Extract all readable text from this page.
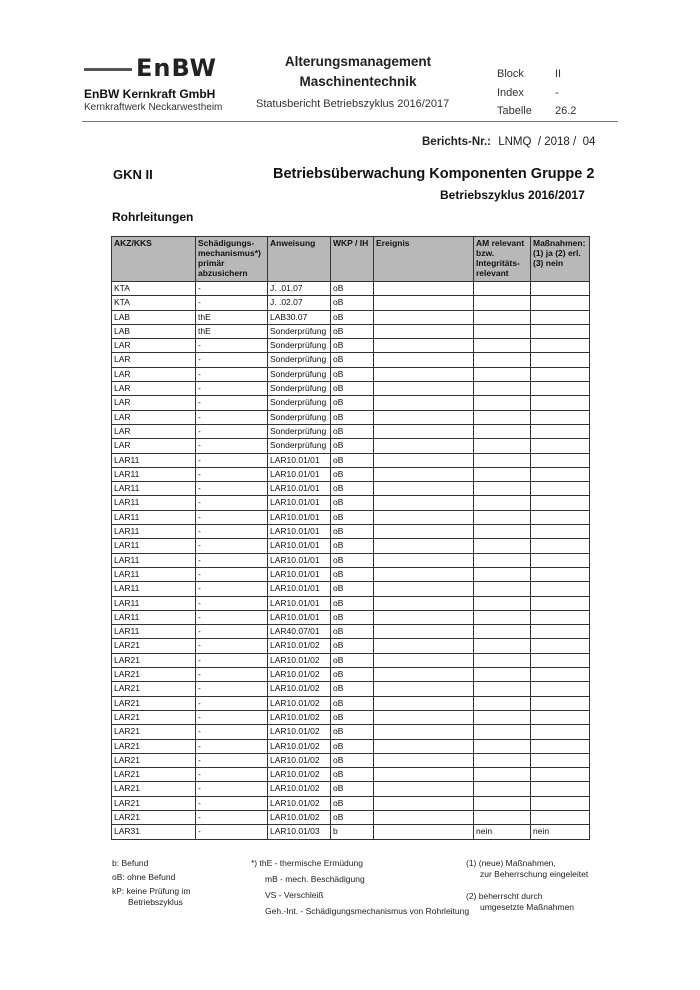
EnBW
EnBW Kernkraft GmbH
Kernkraftwerk Neckarwestheim
Alterungsmanagement
Maschinentechnik
Statusbericht Betriebszyklus 2016/2017
Block	II
Index	-
Tabelle 26.2
Berichts-Nr.: LNMQ  / 2018 /  04
GKN II	Betriebsüberwachung Komponenten Gruppe 2
Betriebszyklus 2016/2017
Rohrleitungen
AKZ/KKS	Schädigungs-mechanismus*) primär abzusichern	Anweisung	WKP / IH	Ereignis	AM relevant bzw. Integritäts-relevant	Maßnahmen: (1) ja (2) erl. (3) nein
KTA	-	J. .01.07	oB			
KTA	-	J. .02.07	oB			
LAB	thE	LAB30.07	oB			
LAB	thE	Sonderprüfung	oB			
LAR	-	Sonderprüfung	oB			
LAR	-	Sonderprüfung	oB			
LAR	-	Sonderprüfung	oB			
LAR	-	Sonderprüfung	oB			
LAR	-	Sonderprüfung	oB			
LAR	-	Sonderprüfung	oB			
LAR	-	Sonderprüfung	oB			
LAR	-	Sonderprüfung	oB			
LAR11	-	LAR10.01/01	oB			
LAR11	-	LAR10.01/01	oB			
LAR11	-	LAR10.01/01	oB			
LAR11	-	LAR10.01/01	oB			
LAR11	-	LAR10.01/01	oB			
LAR11	-	LAR10.01/01	oB			
LAR11	-	LAR10.01/01	oB			
LAR11	-	LAR10.01/01	oB			
LAR11	-	LAR10.01/01	oB			
LAR11	-	LAR10.01/01	oB			
LAR11	-	LAR10.01/01	oB			
LAR11	-	LAR10.01/01	oB			
LAR11	-	LAR40.07/01	oB			
LAR21	-	LAR10.01/02	oB			
LAR21	-	LAR10.01/02	oB			
LAR21	-	LAR10.01/02	oB			
LAR21	-	LAR10.01/02	oB			
LAR21	-	LAR10.01/02	oB			
LAR21	-	LAR10.01/02	oB			
LAR21	-	LAR10.01/02	oB			
LAR21	-	LAR10.01/02	oB			
LAR21	-	LAR10.01/02	oB			
LAR21	-	LAR10.01/02	oB			
LAR21	-	LAR10.01/02	oB			
LAR21	-	LAR10.01/02	oB			
LAR21	-	LAR10.01/02	oB			
LAR31	-	LAR10.01/03	b		nein	nein
b: Befund
oB: ohne Befund
kP: keine Prüfung im
Betriebszyklus
*) thE - thermische Ermüdung
mB - mech. Beschädigung
VS - Verschleiß
Geh.-Int. - Schädigungsmechanismus von Rohrleitung
(1) (neue) Maßnahmen,
zur Beherrschung eingeleitet
(2) beherrscht durch
umgesetzte Maßnahmen
